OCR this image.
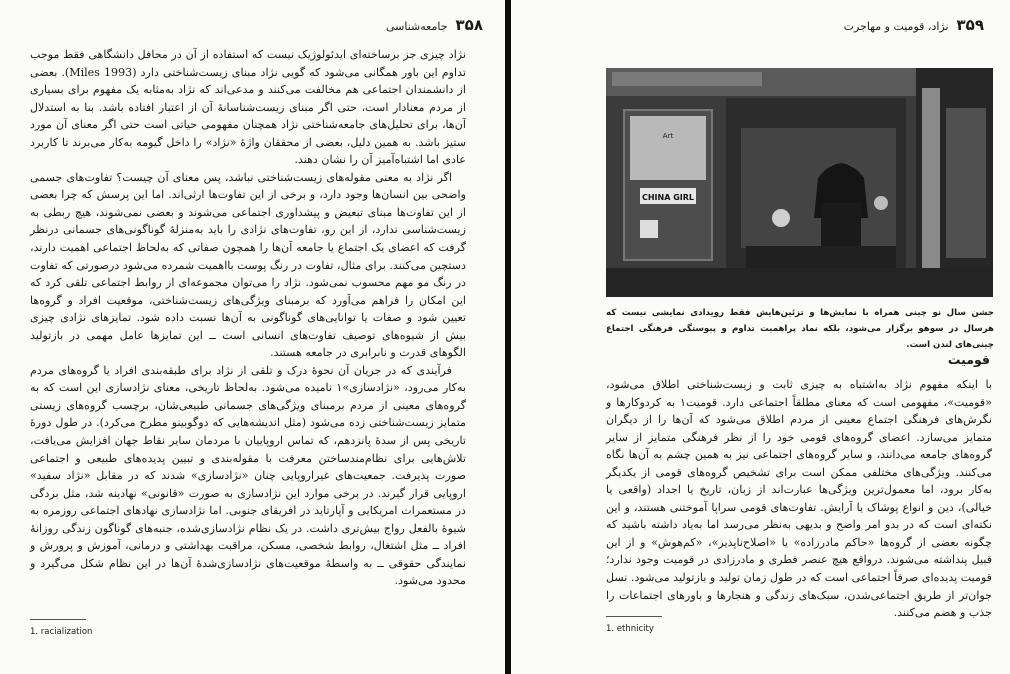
۳۵۸
جامعه‌شناسی

نژاد چیزی جز برساخته‌ای ایدئولوژیک نیست که استفاده از آن در محافل دانشگاهی فقط موجب تداوم این باور همگانی می‌شود که گویی نژاد مبنای زیست‌شناختی دارد (Miles 1993). بعضی از دانشمندان اجتماعی هم مخالفت می‌کنند و مدعی‌اند که نژاد به‌مثابه یک مفهوم برای بسیاری از مردم معنادار است، حتی اگر مبنای زیست‌شناسانهٔ آن از اعتبار افتاده باشد. بنا به استدلال آن‌ها، برای تحلیل‌های جامعه‌شناختی نژاد همچنان مفهومی حیاتی است حتی اگر معنای آن مورد ستیز باشد. به همین دلیل، بعضی از محققان واژهٔ «نژاد» را داخل گیومه به‌کار می‌برند تا کاربرد عادی اما اشتباه‌آمیز آن را نشان دهند.

اگر نژاد به معنی مقوله‌های زیست‌شناختی نباشد، پس معنای آن چیست؟ تفاوت‌های جسمی واضحی بین انسان‌ها وجود دارد، و برخی از این تفاوت‌ها ارثی‌اند. اما این پرسش که چرا بعضی از این تفاوت‌ها مبنای تبعیض و پیشداوری اجتماعی می‌شوند و بعضی نمی‌شوند، هیچ ربطی به زیست‌شناسی ندارد، از این رو، تفاوت‌های نژادی را باید به‌منزلهٔ گوناگونی‌های جسمانی درنظر گرفت که اعضای یک اجتماع یا جامعه آن‌ها را همچون صفاتی که به‌لحاظ اجتماعی اهمیت دارند، دستچین می‌کنند. برای مثال، تفاوت در رنگ پوست بااهمیت شمرده می‌شود درصورتی که تفاوت در رنگ مو مهم محسوب نمی‌شود. نژاد را می‌توان مجموعه‌ای از روابط اجتماعی تلقی کرد که این امکان را فراهم می‌آورد که برمبنای ویژگی‌های زیست‌شناختی، موقعیت افراد و گروه‌ها تعیین شود و صفات یا توانایی‌های گوناگونی به آن‌ها نسبت داده شود. تمایزهای نژادی چیزی بیش از شیوه‌های توصیف تفاوت‌های انسانی است ــ این تمایزها عامل مهمی در بازتولید الگوهای قدرت و نابرابری در جامعه هستند.

فرآیندی که در جریان آن نحوهٔ درک و تلقی از نژاد برای طبقه‌بندی افراد یا گروه‌های مردم به‌کار می‌رود، «نژادسازی»۱ نامیده می‌شود. به‌لحاظ تاریخی، معنای نژادسازی این است که به گروه‌های معینی از مردم برمبنای ویژگی‌های جسمانی طبیعی‌شان، برچسب گروه‌های زیستی متمایز زیست‌شناختی زده می‌شود (مثل اندیشه‌هایی که دوگوبینو مطرح می‌کرد). در طول دورهٔ تاریخی پس از سدهٔ پانزدهم، که تماس اروپاییان با مردمان سایر نقاط جهان افزایش می‌یافت، تلاش‌هایی برای نظام‌مندساختن معرفت با مقوله‌بندی و تبیین پدیده‌های طبیعی و اجتماعی صورت پذیرفت. جمعیت‌های غیراروپایی چنان «نژادسازی» شدند که در مقابل «نژاد سفید» اروپایی قرار گیرند. در برخی موارد این نژادسازی به صورت «قانونی» نهادینه شد، مثل بردگی در مستعمرات امریکایی و آپارتاید در افریقای جنوبی. اما نژادسازی نهادهای اجتماعی روزمره به شیوهٔ بالفعل رواج بیش‌تری داشت. در یک نظام نژادسازی‌شده، جنبه‌های گوناگون زندگی روزانهٔ افراد ــ مثل اشتغال، روابط شخصی، مسکن، مراقبت بهداشتی و درمانی، آموزش و پرورش و نمایندگی حقوقی ــ به واسطهٔ موقعیت‌های نژادسازی‌شدهٔ آن‌ها در این نظام شکل می‌گیرد و محدود می‌شود.

1. racialization
۳۵۹
نژاد، قومیت و مهاجرت
Art
CHINA GIRL
جشن سال نو چینی همراه با نمایش‌ها و تزئین‌هایش فقط رویدادی نمایشی نیست که هرسال در سوهو برگزار می‌شود، بلکه نماد پراهمیت تداوم و پیوستگی فرهنگی اجتماع چینی‌های لندن است.
قومیت

با اینکه مفهوم نژاد به‌اشتباه به چیزی ثابت و زیست‌شناختی اطلاق می‌شود، «قومیت»، مفهومی است که معنای مطلقاً اجتماعی دارد. قومیت۱ به کردوکارها و نگرش‌های فرهنگی اجتماع معینی از مردم اطلاق می‌شود که آن‌ها را از دیگران متمایز می‌سازد. اعضای گروه‌های قومی خود را از نظر فرهنگی متمایز از سایر گروه‌های جامعه می‌دانند، و سایر گروه‌های اجتماعی نیز به همین چشم به آن‌ها نگاه می‌کنند. ویژگی‌های مختلفی ممکن است برای تشخیص گروه‌های قومی از یکدیگر به‌کار برود، اما معمول‌ترین ویژگی‌ها عبارت‌اند از زبان، تاریخ یا اجداد (واقعی یا خیالی)، دین و انواع پوشاک یا آرایش. تفاوت‌های قومی سراپا آموختنی هستند، و این نکته‌ای است که در بدو امر واضح و بدیهی به‌نظر می‌رسد اما به‌یاد داشته باشید که چگونه بعضی از گروه‌ها «حاکم مادرزاده» یا «اصلاح‌ناپذیر»، «کم‌هوش» و از این قبیل پنداشته می‌شوند. درواقع هیچ عنصر فطری و مادرزادی در قومیت وجود ندارد؛ قومیت پدیده‌ای صرفاً اجتماعی است که در طول زمان تولید و بازتولید می‌شود. نسل جوان‌تر از طریق اجتماعی‌شدن، سبک‌های زندگی و هنجارها و باورهای اجتماعات را جذب و هضم می‌کنند.

1. ethnicity
